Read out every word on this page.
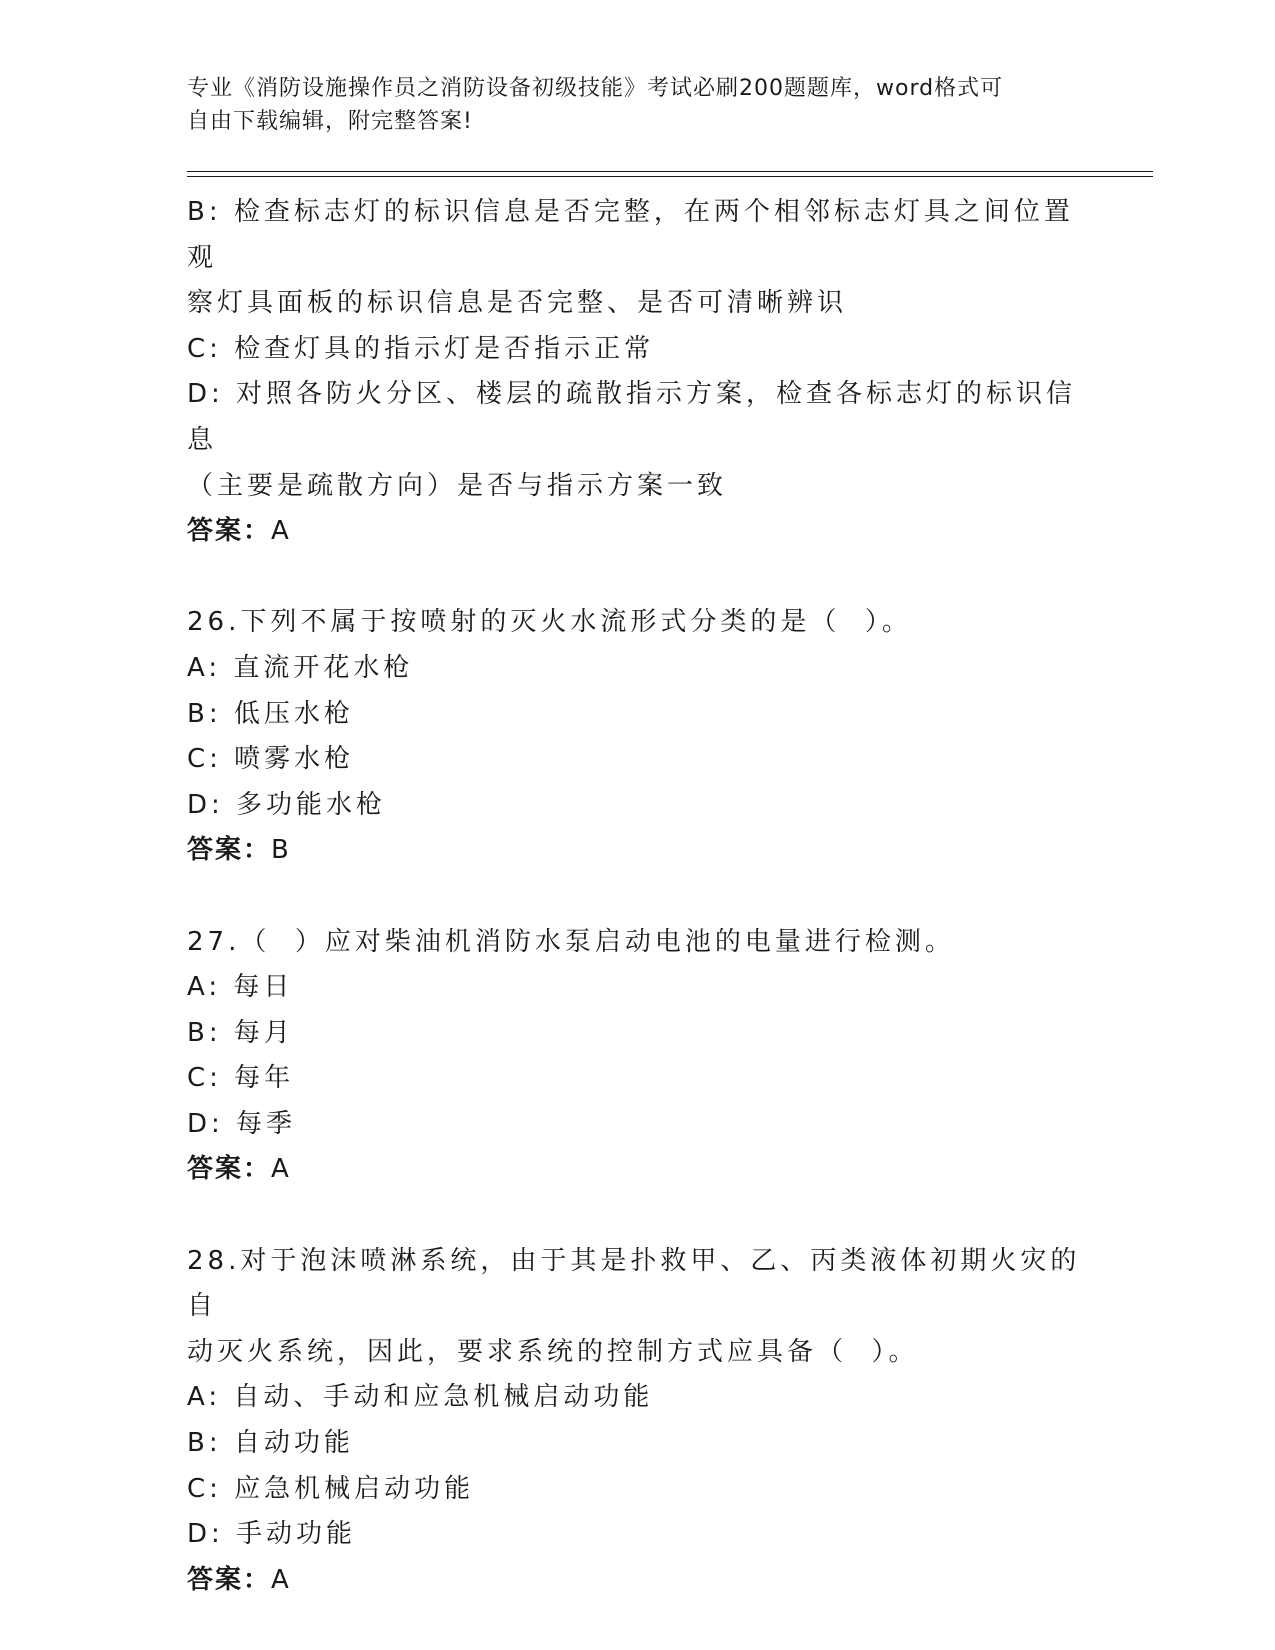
专业《消防设施操作员之消防设备初级技能》考试必刷200题题库，word格式可
自由下载编辑，附完整答案!
B: 检查标志灯的标识信息是否完整，在两个相邻标志灯具之间位置观
察灯具面板的标识信息是否完整、是否可清晰辨识
C: 检查灯具的指示灯是否指示正常
D: 对照各防火分区、楼层的疏散指示方案，检查各标志灯的标识信息
（主要是疏散方向）是否与指示方案一致
答案：A
26.下列不属于按喷射的灭火水流形式分类的是（  ）。
A: 直流开花水枪
B: 低压水枪
C: 喷雾水枪
D: 多功能水枪
答案：B
27.（  ）应对柴油机消防水泵启动电池的电量进行检测。
A: 每日
B: 每月
C: 每年
D: 每季
答案：A
28.对于泡沫喷淋系统，由于其是扑救甲、乙、丙类液体初期火灾的自
动灭火系统，因此，要求系统的控制方式应具备（  ）。
A: 自动、手动和应急机械启动功能
B: 自动功能
C: 应急机械启动功能
D: 手动功能
答案：A
